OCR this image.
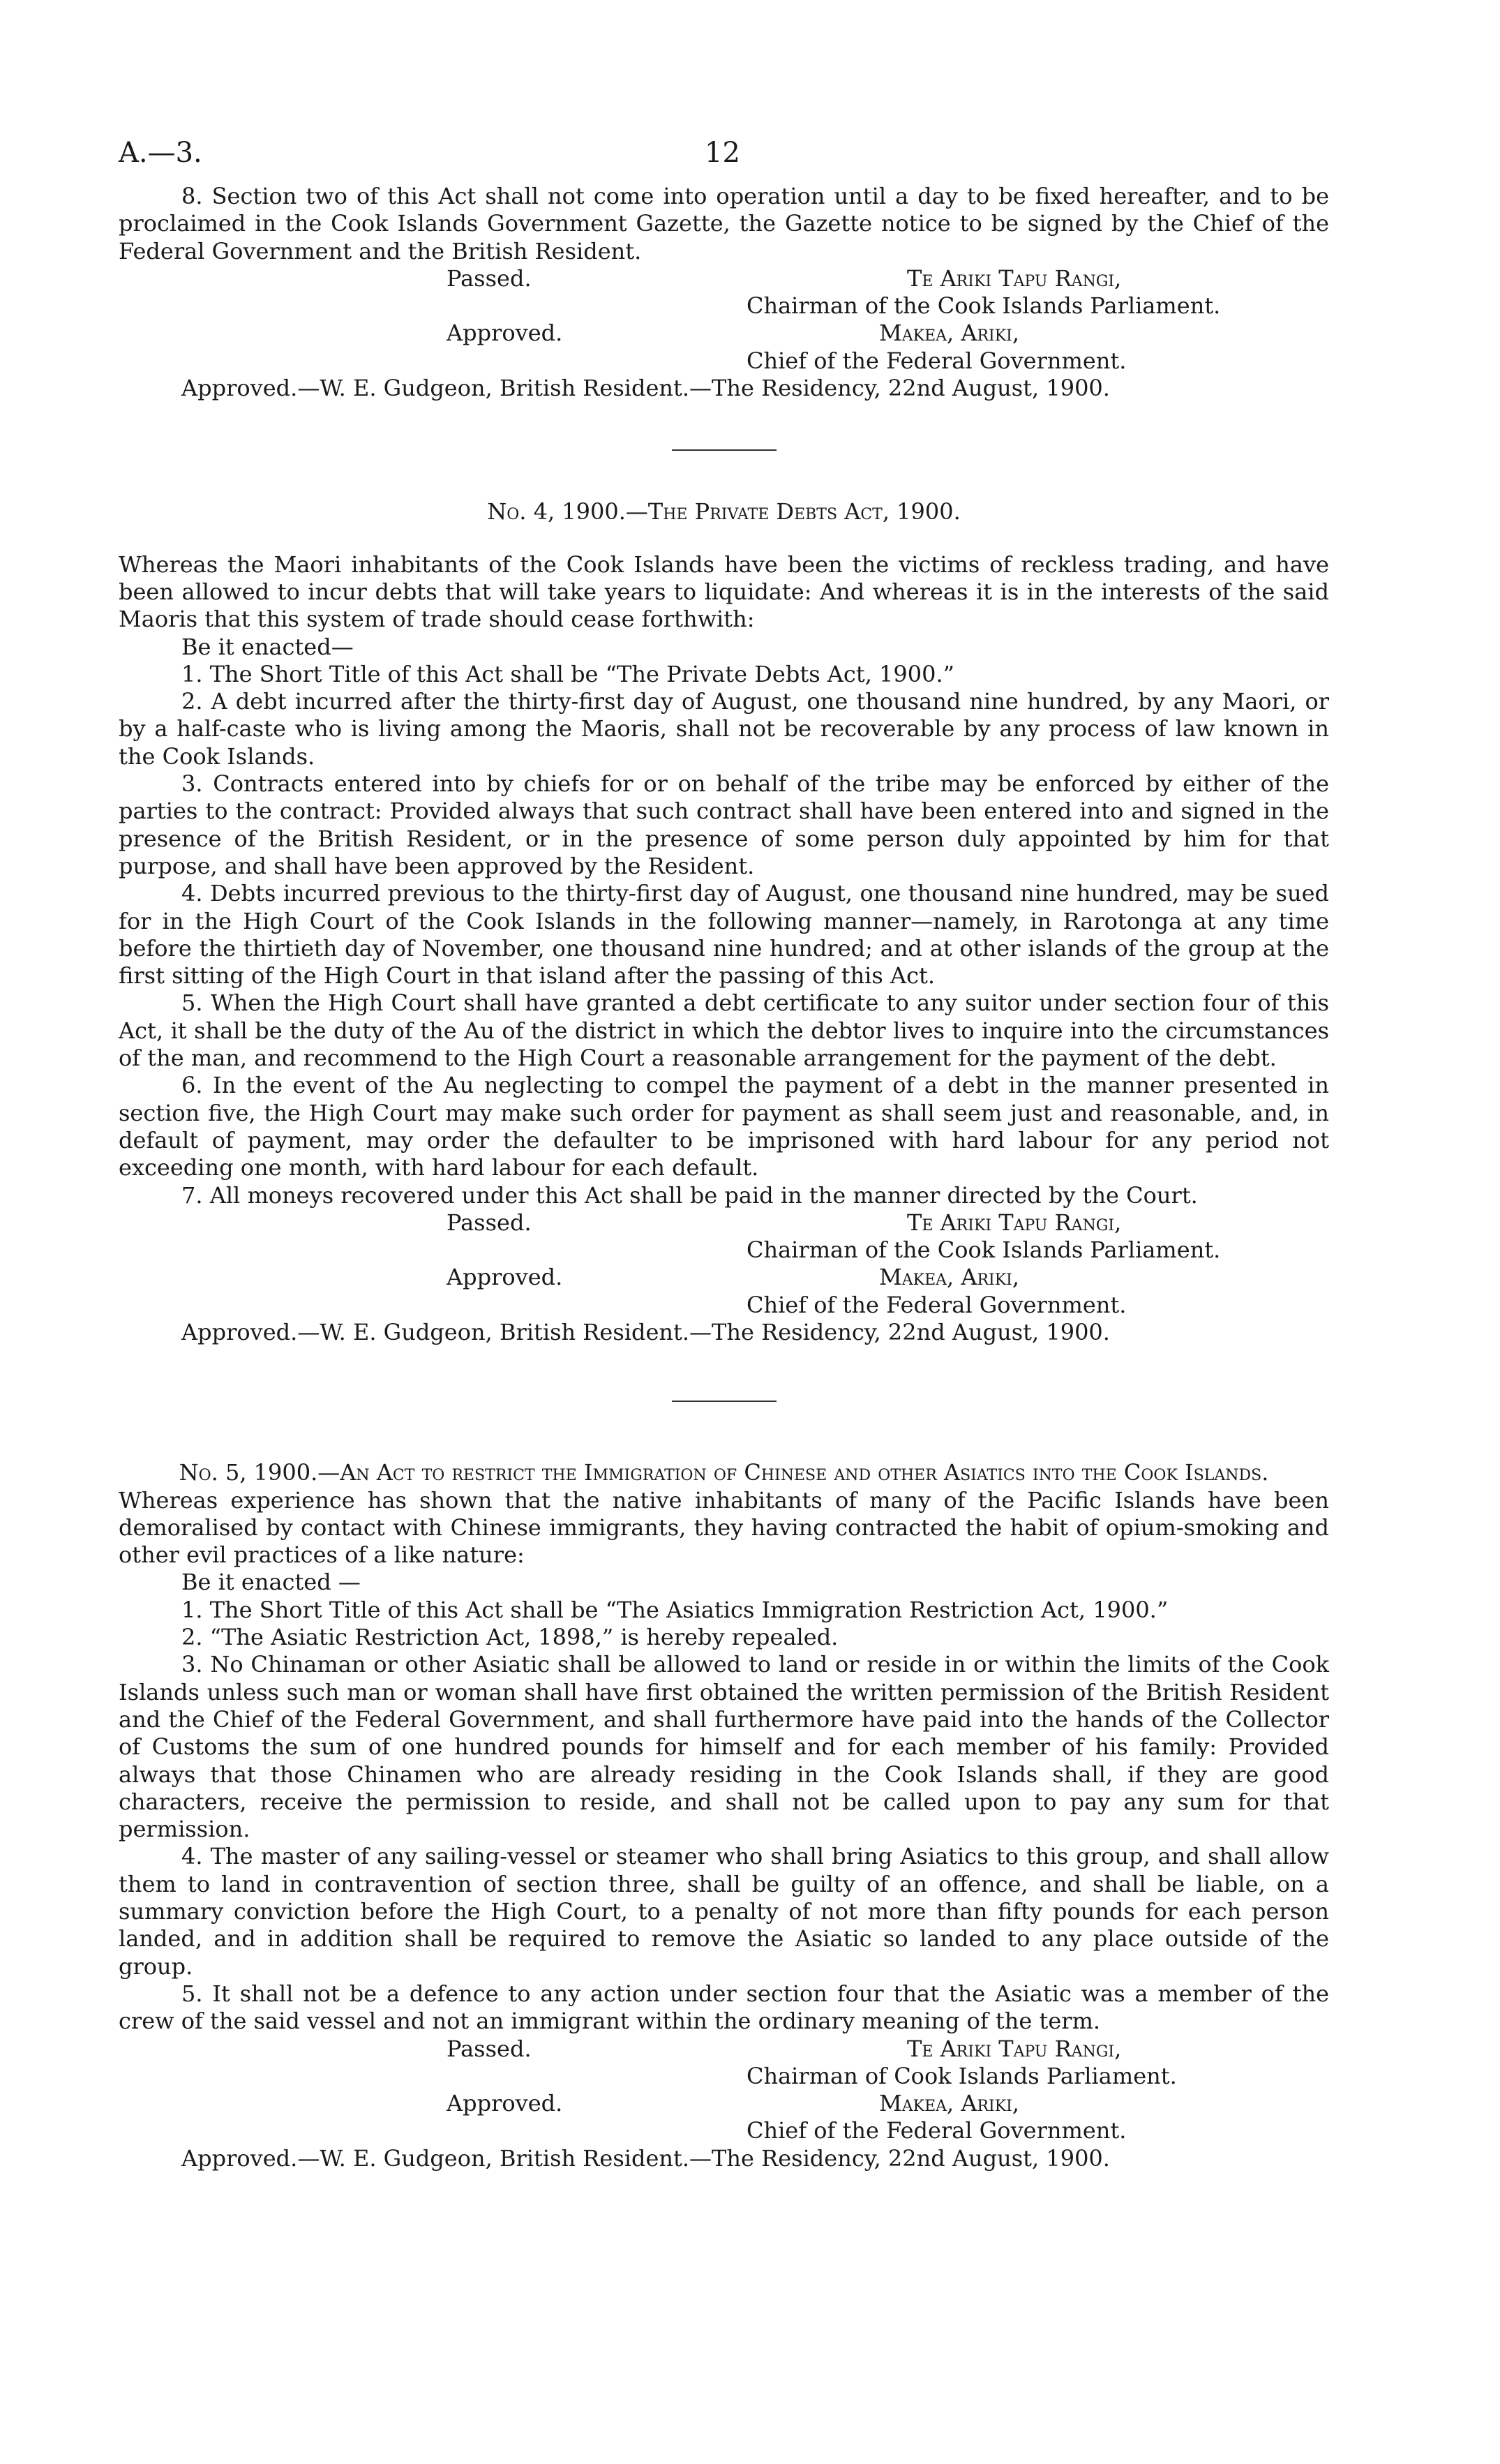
A.—3.	12

8. Section two of this Act shall not come into operation until a day to be fixed hereafter, and to be proclaimed in the Cook Islands Government Gazette, the Gazette notice to be signed by the Chief of the Federal Government and the British Resident.

Passed.	Te Ariki Tapu Rangi,
Chairman of the Cook Islands Parliament.
Approved.	Makea, Ariki,
Chief of the Federal Government.

Approved.—W. E. Gudgeon, British Resident.—The Residency, 22nd August, 1900.

No. 4, 1900.—The Private Debts Act, 1900.

Whereas the Maori inhabitants of the Cook Islands have been the victims of reckless trading, and have been allowed to incur debts that will take years to liquidate: And whereas it is in the interests of the said Maoris that this system of trade should cease forthwith:

Be it enacted—

1. The Short Title of this Act shall be “The Private Debts Act, 1900.”

2. A debt incurred after the thirty-first day of August, one thousand nine hundred, by any Maori, or by a half-caste who is living among the Maoris, shall not be recoverable by any process of law known in the Cook Islands.

3. Contracts entered into by chiefs for or on behalf of the tribe may be enforced by either of the parties to the contract: Provided always that such contract shall have been entered into and signed in the presence of the British Resident, or in the presence of some person duly appointed by him for that purpose, and shall have been approved by the Resident.

4. Debts incurred previous to the thirty-first day of August, one thousand nine hundred, may be sued for in the High Court of the Cook Islands in the following manner—namely, in Rarotonga at any time before the thirtieth day of November, one thousand nine hundred; and at other islands of the group at the first sitting of the High Court in that island after the passing of this Act.

5. When the High Court shall have granted a debt certificate to any suitor under section four of this Act, it shall be the duty of the Au of the district in which the debtor lives to inquire into the circumstances of the man, and recommend to the High Court a reasonable arrangement for the payment of the debt.

6. In the event of the Au neglecting to compel the payment of a debt in the manner presented in section five, the High Court may make such order for payment as shall seem just and reasonable, and, in default of payment, may order the defaulter to be imprisoned with hard labour for any period not exceeding one month, with hard labour for each default.

7. All moneys recovered under this Act shall be paid in the manner directed by the Court.

Passed.	Te Ariki Tapu Rangi,
Chairman of the Cook Islands Parliament.
Approved.	Makea, Ariki,
Chief of the Federal Government.

Approved.—W. E. Gudgeon, British Resident.—The Residency, 22nd August, 1900.

No. 5, 1900.—An Act to restrict the Immigration of Chinese and other Asiatics into the Cook Islands.

Whereas experience has shown that the native inhabitants of many of the Pacific Islands have been demoralised by contact with Chinese immigrants, they having contracted the habit of opium-smoking and other evil practices of a like nature:

Be it enacted —

1. The Short Title of this Act shall be “The Asiatics Immigration Restriction Act, 1900.”

2. “The Asiatic Restriction Act, 1898,” is hereby repealed.

3. No Chinaman or other Asiatic shall be allowed to land or reside in or within the limits of the Cook Islands unless such man or woman shall have first obtained the written permission of the British Resident and the Chief of the Federal Government, and shall furthermore have paid into the hands of the Collector of Customs the sum of one hundred pounds for himself and for each member of his family: Provided always that those Chinamen who are already residing in the Cook Islands shall, if they are good characters, receive the permission to reside, and shall not be called upon to pay any sum for that permission.

4. The master of any sailing-vessel or steamer who shall bring Asiatics to this group, and shall allow them to land in contravention of section three, shall be guilty of an offence, and shall be liable, on a summary conviction before the High Court, to a penalty of not more than fifty pounds for each person landed, and in addition shall be required to remove the Asiatic so landed to any place outside of the group.

5. It shall not be a defence to any action under section four that the Asiatic was a member of the crew of the said vessel and not an immigrant within the ordinary meaning of the term.

Passed.	Te Ariki Tapu Rangi,
Chairman of Cook Islands Parliament.
Approved.	Makea, Ariki,
Chief of the Federal Government.

Approved.—W. E. Gudgeon, British Resident.—The Residency, 22nd August, 1900.
